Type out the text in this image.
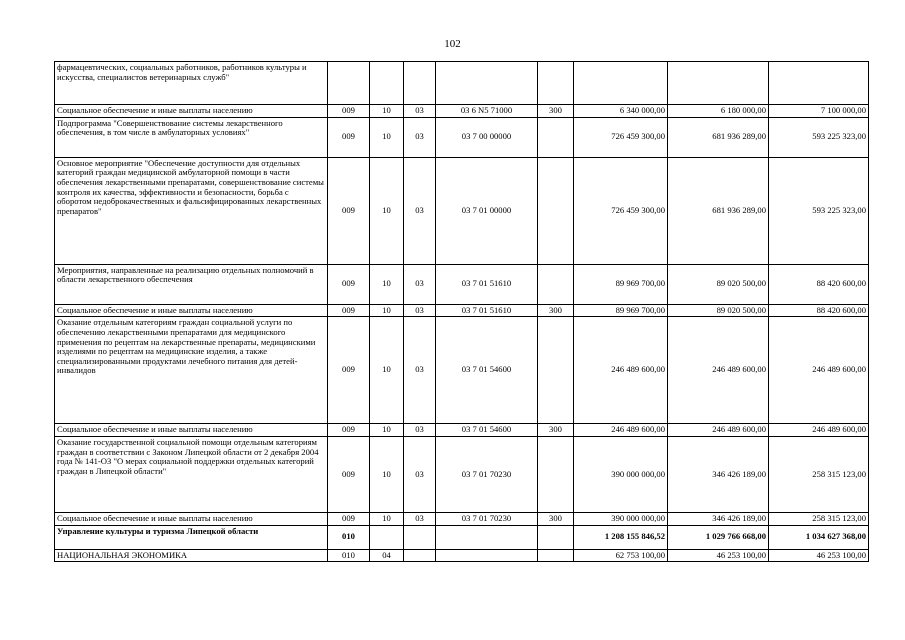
102
фармацевтических, социальных работников, работников культуры и искусства, специалистов ветеринарных служб"								
Социальное обеспечение и иные выплаты населению	009	10	03	03 6 N5 71000	300	6 340 000,00	6 180 000,00	7 100 000,00
Подпрограмма "Совершенствование системы лекарственного обеспечения, в том числе в амбулаторных условиях"	009	10	03	03 7 00 00000		726 459 300,00	681 936 289,00	593 225 323,00
Основное мероприятие "Обеспечение доступности для отдельных категорий граждан медицинской амбулаторной помощи в части обеспечения лекарственными препаратами, совершенствование системы контроля их качества, эффективности и безопасности, борьба с оборотом недоброкачественных и фальсифицированных лекарственных препаратов"	009	10	03	03 7 01 00000		726 459 300,00	681 936 289,00	593 225 323,00
Мероприятия, направленные на реализацию отдельных полномочий в области лекарственного обеспечения	009	10	03	03 7 01 51610		89 969 700,00	89 020 500,00	88 420 600,00
Социальное обеспечение и иные выплаты населению	009	10	03	03 7 01 51610	300	89 969 700,00	89 020 500,00	88 420 600,00
Оказание отдельным категориям граждан социальной услуги по обеспечению лекарственными препаратами для медицинского применения по рецептам на лекарственные препараты, медицинскими изделиями по рецептам на медицинские изделия, а также специализированными продуктами лечебного питания для детей-инвалидов	009	10	03	03 7 01 54600		246 489 600,00	246 489 600,00	246 489 600,00
Социальное обеспечение и иные выплаты населению	009	10	03	03 7 01 54600	300	246 489 600,00	246 489 600,00	246 489 600,00
Оказание государственной социальной помощи отдельным категориям граждан в соответствии с Законом Липецкой области от 2 декабря 2004 года № 141-ОЗ "О мерах социальной поддержки отдельных категорий граждан в Липецкой области"	009	10	03	03 7 01 70230		390 000 000,00	346 426 189,00	258 315 123,00
Социальное обеспечение и иные выплаты населению	009	10	03	03 7 01 70230	300	390 000 000,00	346 426 189,00	258 315 123,00
Управление культуры и туризма Липецкой области	010					1 208 155 846,52	1 029 766 668,00	1 034 627 368,00
НАЦИОНАЛЬНАЯ ЭКОНОМИКА	010	04				62 753 100,00	46 253 100,00	46 253 100,00
